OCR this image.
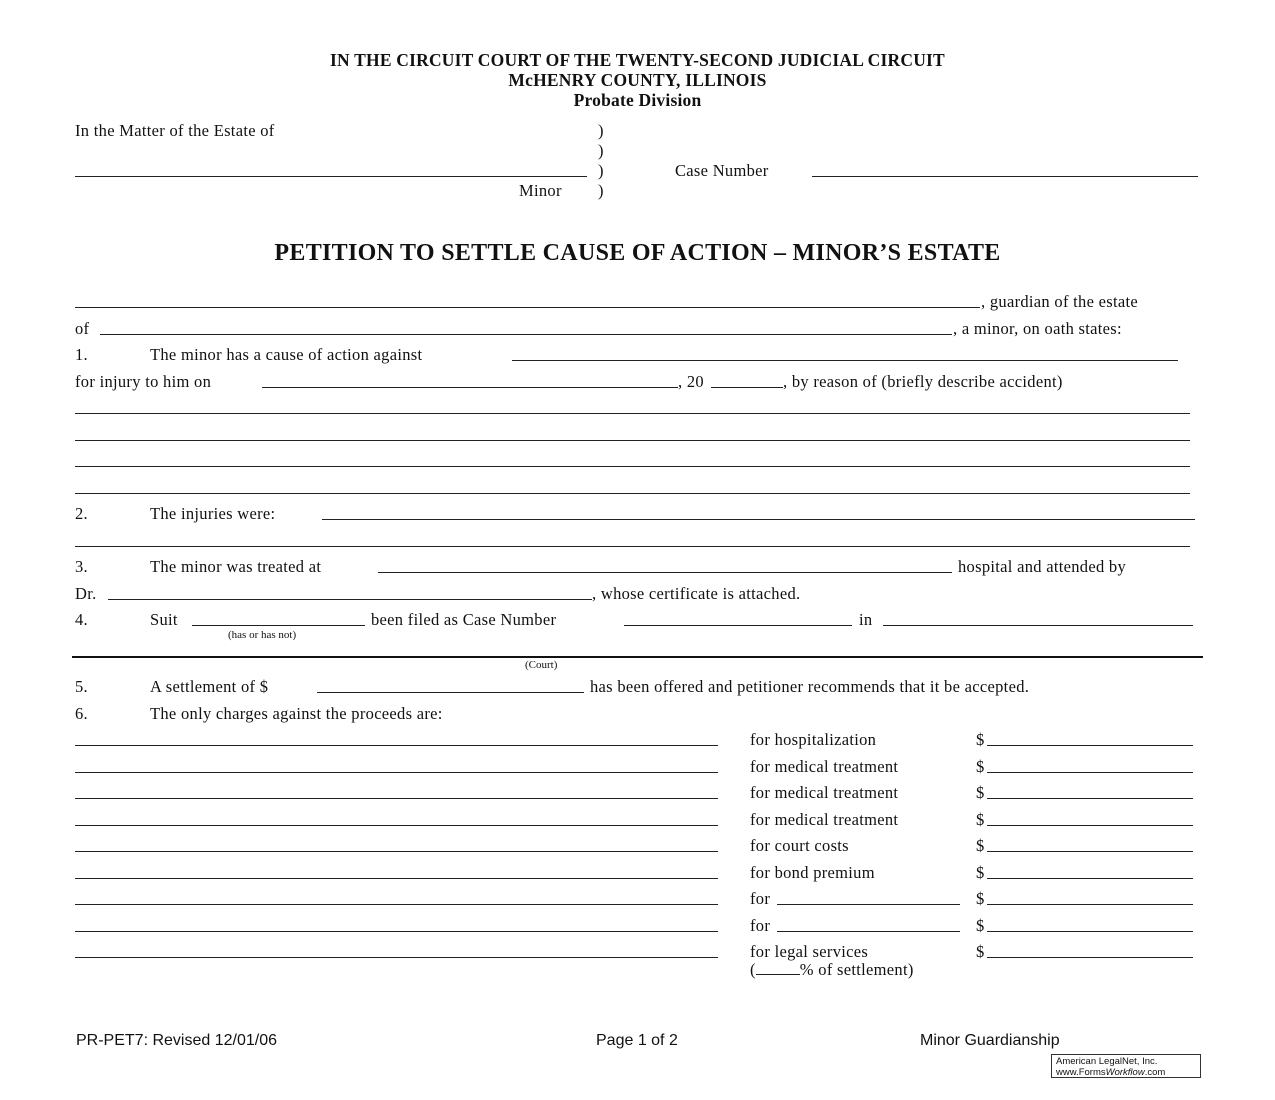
IN THE CIRCUIT COURT OF THE TWENTY-SECOND JUDICIAL CIRCUIT
McHENRY COUNTY, ILLINOIS
Probate Division
In the Matter of the Estate of	)
)
)	Case Number
Minor )
PETITION TO SETTLE CAUSE OF ACTION – MINOR’S ESTATE
, guardian of the estate
of	, a minor, on oath states:
1.	The minor has a cause of action against
for injury to him on	, 20	, by reason of (briefly describe accident)
2.	The injuries were:
3.	The minor was treated at	hospital and attended by
Dr.	, whose certificate is attached.
4.	Suit	been filed as Case Number	in
(has or has not)
(Court)
5.	A settlement of $	has been offered and petitioner recommends that it be accepted.
6.	The only charges against the proceeds are:
for hospitalization	$
for medical treatment	$
for medical treatment	$
for medical treatment	$
for court costs	$
for bond premium	$
for	$
for	$
for legal services	$
(	% of settlement)
PR-PET7: Revised 12/01/06	Page 1 of 2	Minor Guardianship
American LegalNet, Inc.
www.FormsWorkflow.com
